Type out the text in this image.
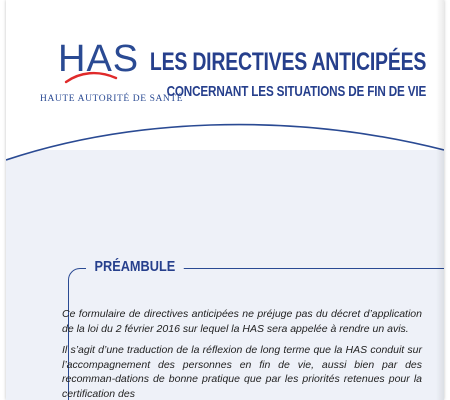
HAS
HAUTE AUTORITÉ DE SANTÉ
LES DIRECTIVES ANTICIPÉES
CONCERNANT LES SITUATIONS DE FIN DE VIE
PRÉAMBULE

Ce formulaire de directives anticipées ne préjuge pas du décret d’application de la loi du 2 février 2016 sur lequel la HAS sera appelée à rendre un avis.

Il s’agit d’une traduction de la réflexion de long terme que la HAS conduit sur l’accompagnement des personnes en fin de vie, aussi bien par des recomman-dations de bonne pratique que par les priorités retenues pour la certification des
